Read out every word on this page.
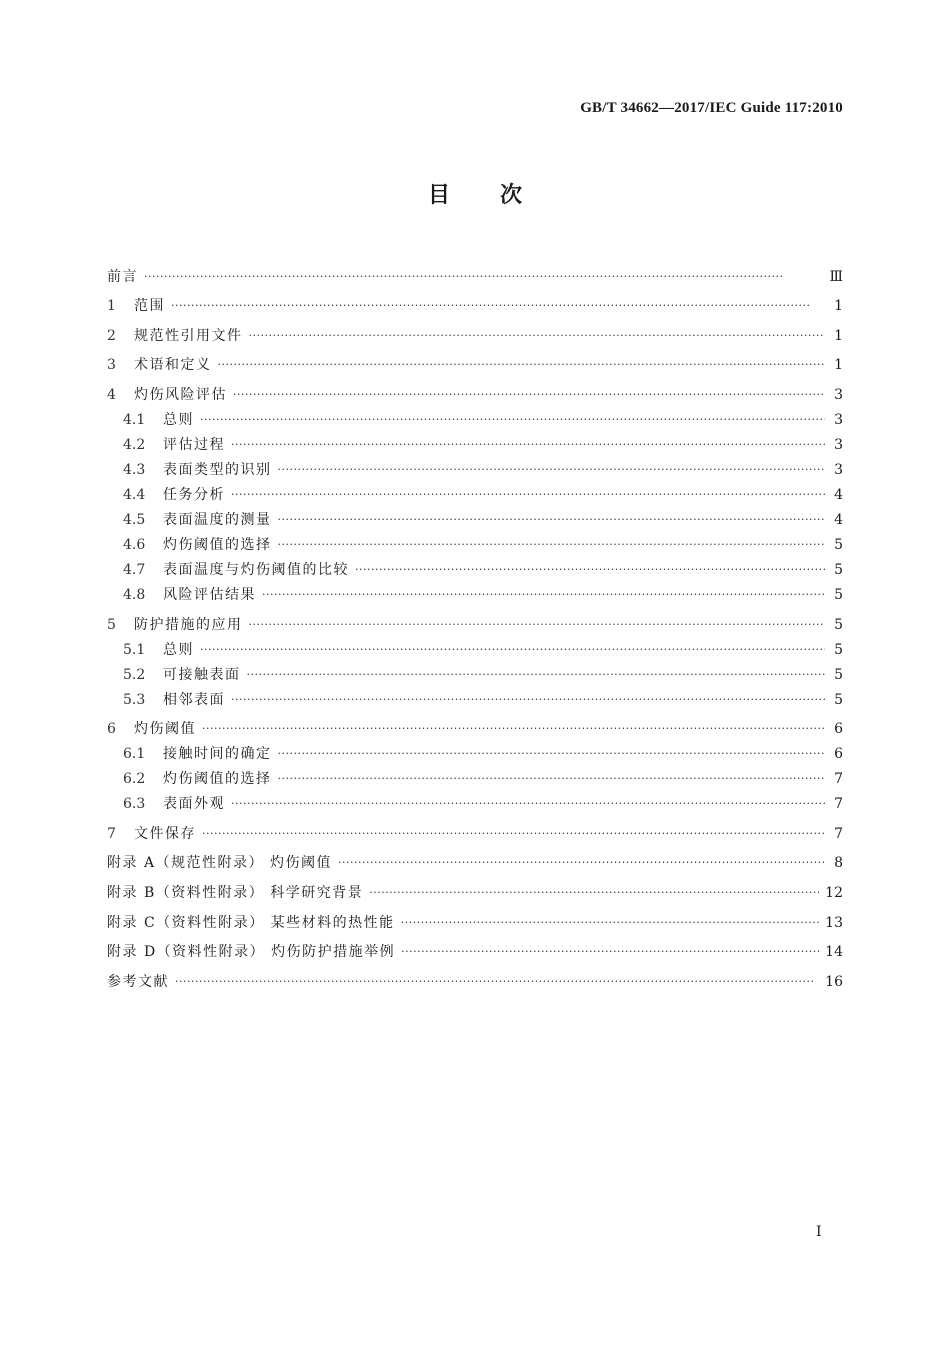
GB/T 34662—2017/IEC Guide 117:2010
目次
前言 ·····	Ⅲ
1	范围 ·····	1
2	规范性引用文件 ·····	1
3	术语和定义 ·····	1
4	灼伤风险评估 ·····	3
4.1	总则 ·····	3
4.2	评估过程 ·····	3
4.3	表面类型的识别 ·····	3
4.4	任务分析 ·····	4
4.5	表面温度的测量 ·····	4
4.6	灼伤阈值的选择 ·····	5
4.7	表面温度与灼伤阈值的比较 ·····	5
4.8	风险评估结果 ·····	5
5	防护措施的应用 ·····	5
5.1	总则 ·····	5
5.2	可接触表面 ·····	5
5.3	相邻表面 ·····	5
6	灼伤阈值 ·····	6
6.1	接触时间的确定 ·····	6
6.2	灼伤阈值的选择 ·····	7
6.3	表面外观 ·····	7
7	文件保存 ·····	7
附录 A（规范性附录） 灼伤阈值 ·····	8
附录 B（资料性附录） 科学研究背景 ·····	12
附录 C（资料性附录） 某些材料的热性能 ·····	13
附录 D（资料性附录） 灼伤防护措施举例 ·····	14
参考文献 ·····	16
I
